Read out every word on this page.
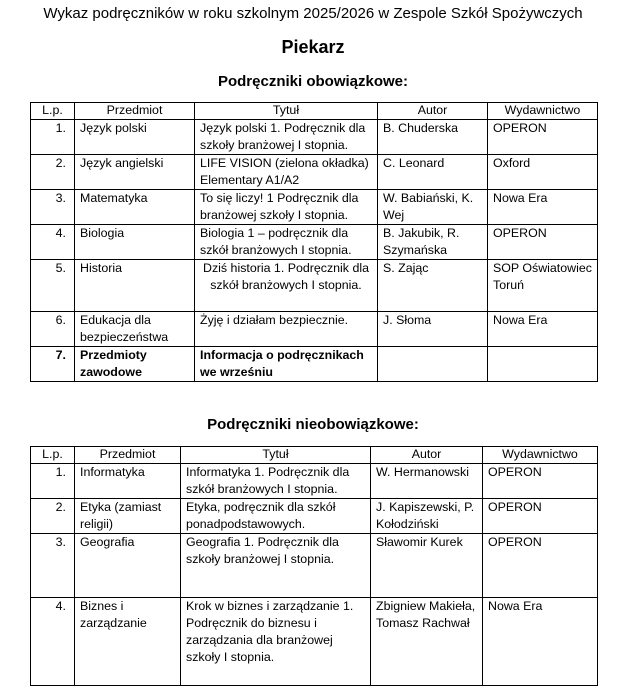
Wykaz podręczników w roku szkolnym 2025/2026 w Zespole Szkół Spożywczych
Piekarz
Podręczniki obowiązkowe:
L.p.	Przedmiot	Tytuł	Autor	Wydawnictwo
1.	Język polski	Język polski 1. Podręcznik dla szkoły branżowej I stopnia.	B. Chuderska	OPERON
2.	Język angielski	LIFE VISION (zielona okładka) Elementary A1/A2	C. Leonard	Oxford
3.	Matematyka	To się liczy! 1 Podręcznik dla branżowej szkoły I stopnia.	W. Babiański, K. Wej	Nowa Era
4.	Biologia	Biologia 1 – podręcznik dla szkół branżowych I stopnia.	B. Jakubik, R. Szymańska	OPERON
5.	Historia	Dziś historia 1. Podręcznik dla szkół branżowych I stopnia.	S. Zając	SOP Oświatowiec Toruń
6.	Edukacja dla bezpieczeństwa	Żyję i działam bezpiecznie.	J. Słoma	Nowa Era
7.	Przedmioty zawodowe	Informacja o podręcznikach we wrześniu		
Podręczniki nieobowiązkowe:
L.p.	Przedmiot	Tytuł	Autor	Wydawnictwo
1.	Informatyka	Informatyka 1. Podręcznik dla szkół branżowych I stopnia.	W. Hermanowski	OPERON
2.	Etyka (zamiast religii)	Etyka, podręcznik dla szkół ponadpodstawowych.	J. Kapiszewski, P. Kołodziński	OPERON
3.	Geografia	Geografia 1. Podręcznik dla szkoły branżowej I stopnia.	Sławomir Kurek	OPERON
4.	Biznes i zarządzanie	Krok w biznes i zarządzanie 1. Podręcznik do biznesu i zarządzania dla branżowej szkoły I stopnia.	Zbigniew Makieła, Tomasz Rachwał	Nowa Era
